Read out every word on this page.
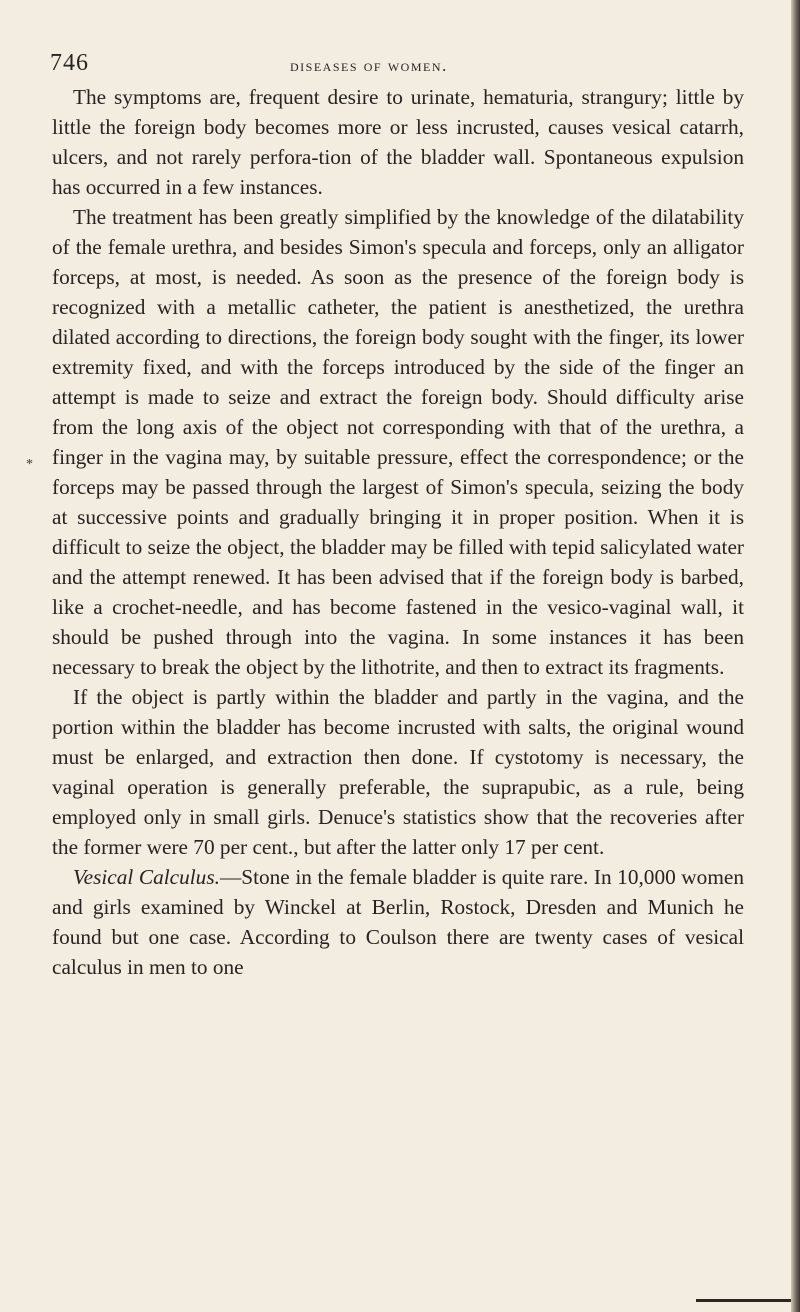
746	diseases of women.
*

The symptoms are, frequent desire to urinate, hematuria, strangury; little by little the foreign body becomes more or less incrusted, causes vesical catarrh, ulcers, and not rarely perfora-tion of the bladder wall. Spontaneous expulsion has occurred in a few instances.

The treatment has been greatly simplified by the knowledge of the dilatability of the female urethra, and besides Simon's specula and forceps, only an alligator forceps, at most, is needed. As soon as the presence of the foreign body is recognized with a metallic catheter, the patient is anesthetized, the urethra dilated according to directions, the foreign body sought with the finger, its lower extremity fixed, and with the forceps introduced by the side of the finger an attempt is made to seize and extract the foreign body. Should difficulty arise from the long axis of the object not corresponding with that of the urethra, a finger in the vagina may, by suitable pressure, effect the correspondence; or the forceps may be passed through the largest of Simon's specula, seizing the body at successive points and gradually bringing it in proper position. When it is difficult to seize the object, the bladder may be filled with tepid salicylated water and the attempt renewed. It has been advised that if the foreign body is barbed, like a crochet-needle, and has become fastened in the vesico-vaginal wall, it should be pushed through into the vagina. In some instances it has been necessary to break the object by the lithotrite, and then to extract its fragments.

If the object is partly within the bladder and partly in the vagina, and the portion within the bladder has become incrusted with salts, the original wound must be enlarged, and extraction then done. If cystotomy is necessary, the vaginal operation is generally preferable, the suprapubic, as a rule, being employed only in small girls. Denuce's statistics show that the recoveries after the former were 70 per cent., but after the latter only 17 per cent.

Vesical Calculus.—Stone in the female bladder is quite rare. In 10,000 women and girls examined by Winckel at Berlin, Rostock, Dresden and Munich he found but one case. According to Coulson there are twenty cases of vesical calculus in men to one
